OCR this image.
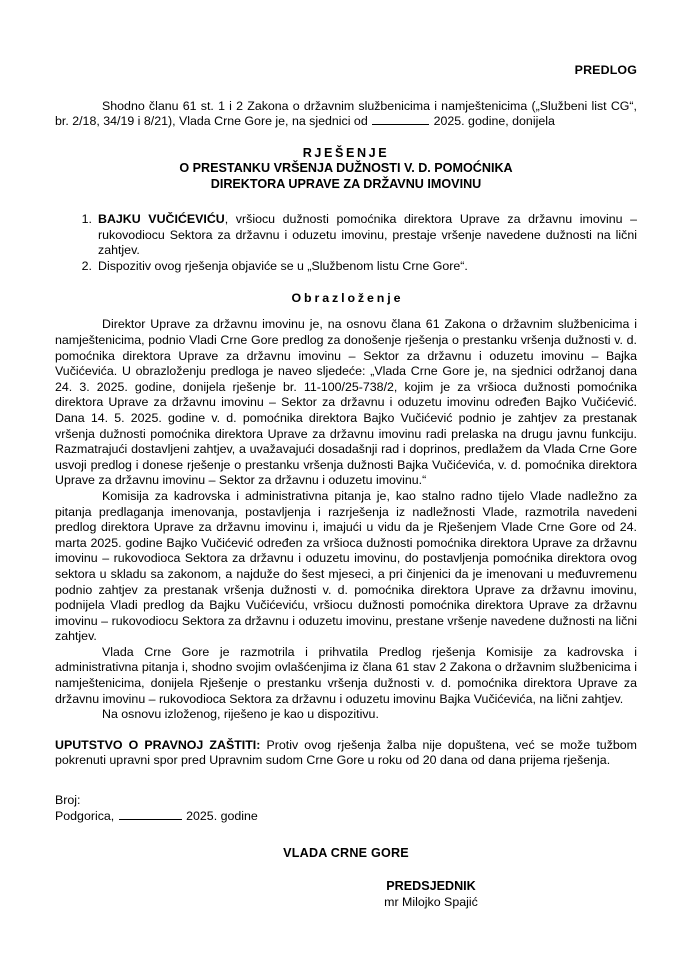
PREDLOG
Shodno članu 61 st. 1 i 2 Zakona o državnim službenicima i namještenicima („Službeni list CG“, br. 2/18, 34/19 i 8/21), Vlada Crne Gore je, na sjednici od	2025. godine, donijela
RJEŠENJE
O PRESTANKU VRŠENJA DUŽNOSTI V. D. POMOĆNIKA
DIREKTORA UPRAVE ZA DRŽAVNU IMOVINU
1. BAJKU VUČIĆEVIĆU, vršiocu dužnosti pomoćnika direktora Uprave za državnu imovinu – rukovodiocu Sektora za državnu i oduzetu imovinu, prestaje vršenje navedene dužnosti na lični zahtjev.
2. Dispozitiv ovog rješenja objaviće se u „Službenom listu Crne Gore“.
Obrazloženje

Direktor Uprave za državnu imovinu je, na osnovu člana 61 Zakona o državnim službenicima i namještenicima, podnio Vladi Crne Gore predlog za donošenje rješenja o prestanku vršenja dužnosti v. d. pomoćnika direktora Uprave za državnu imovinu – Sektor za državnu i oduzetu imovinu – Bajka Vučićevića. U obrazloženju predloga je naveo sljedeće: „Vlada Crne Gore je, na sjednici održanoj dana 24. 3. 2025. godine, donijela rješenje br. 11-100/25-738/2, kojim je za vršioca dužnosti pomoćnika direktora Uprave za državnu imovinu – Sektor za državnu i oduzetu imovinu određen Bajko Vučićević. Dana 14. 5. 2025. godine v. d. pomoćnika direktora Bajko Vučićević podnio je zahtjev za prestanak vršenja dužnosti pomoćnika direktora Uprave za državnu imovinu radi prelaska na drugu javnu funkciju. Razmatrajući dostavljeni zahtjev, a uvažavajući dosadašnji rad i doprinos, predlažem da Vlada Crne Gore usvoji predlog i donese rješenje o prestanku vršenja dužnosti Bajka Vučićevića, v. d. pomoćnika direktora Uprave za državnu imovinu – Sektor za državnu i oduzetu imovinu.“

Komisija za kadrovska i administrativna pitanja je, kao stalno radno tijelo Vlade nadležno za pitanja predlaganja imenovanja, postavljenja i razrješenja iz nadležnosti Vlade, razmotrila navedeni predlog direktora Uprave za državnu imovinu i, imajući u vidu da je Rješenjem Vlade Crne Gore od 24. marta 2025. godine Bajko Vučićević određen za vršioca dužnosti pomoćnika direktora Uprave za državnu imovinu – rukovodioca Sektora za državnu i oduzetu imovinu, do postavljenja pomoćnika direktora ovog sektora u skladu sa zakonom, a najduže do šest mjeseci, a pri činjenici da je imenovani u međuvremenu podnio zahtjev za prestanak vršenja dužnosti v. d. pomoćnika direktora Uprave za državnu imovinu, podnijela Vladi predlog da Bajku Vučićeviću, vršiocu dužnosti pomoćnika direktora Uprave za državnu imovinu – rukovodiocu Sektora za državnu i oduzetu imovinu, prestane vršenje navedene dužnosti na lični zahtjev.

Vlada Crne Gore je razmotrila i prihvatila Predlog rješenja Komisije za kadrovska i administrativna pitanja i, shodno svojim ovlašćenjima iz člana 61 stav 2 Zakona o državnim službenicima i namještenicima, donijela Rješenje o prestanku vršenja dužnosti v. d. pomoćnika direktora Uprave za državnu imovinu – rukovodioca Sektora za državnu i oduzetu imovinu Bajka Vučićevića, na lični zahtjev.

Na osnovu izloženog, riješeno je kao u dispozitivu.

UPUTSTVO O PRAVNOJ ZAŠTITI: Protiv ovog rješenja žalba nije dopuštena, već se može tužbom pokrenuti upravni spor pred Upravnim sudom Crne Gore u roku od 20 dana od dana prijema rješenja.
Broj:
Podgorica,	2025. godine
VLADA CRNE GORE
PREDSJEDNIK
mr Milojko Spajić
